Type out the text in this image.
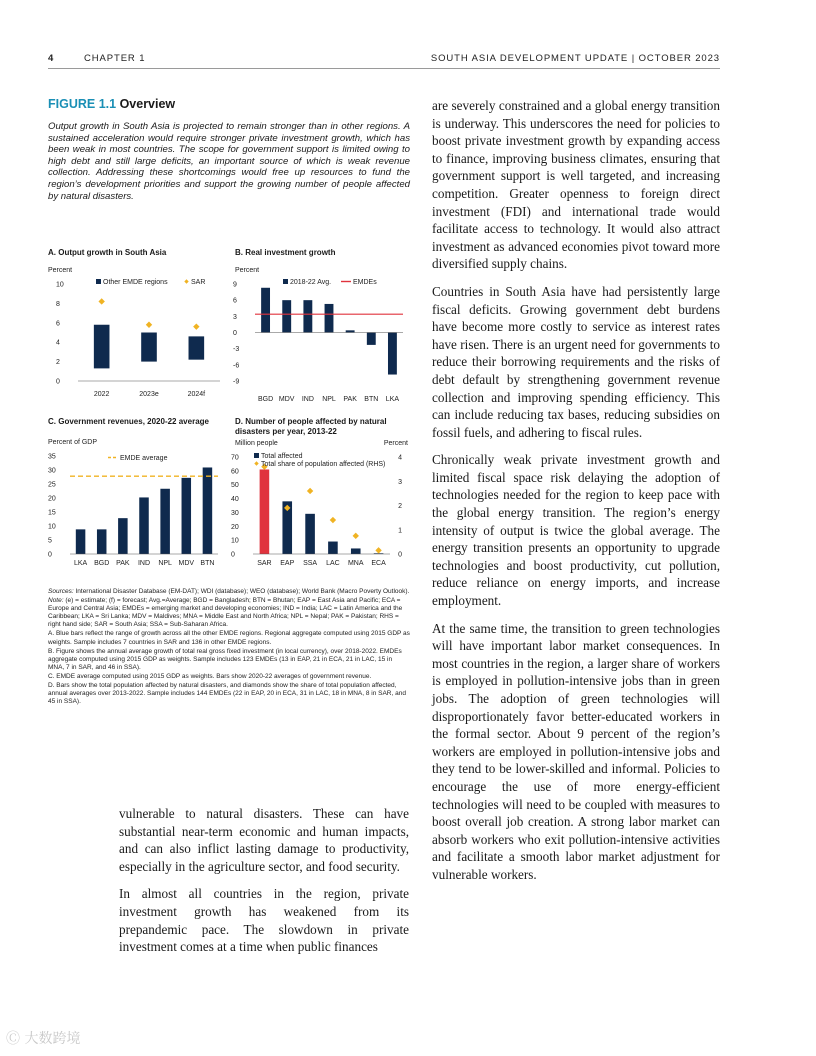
4	CHAPTER 1	SOUTH ASIA DEVELOPMENT UPDATE | OCTOBER 2023
FIGURE 1.1 Overview
Output growth in South Asia is projected to remain stronger than in other regions. A sustained acceleration would require stronger private investment growth, which has been weak in most countries. The scope for government support is limited owing to high debt and still large deficits, an important source of which is weak revenue collection. Addressing these shortcomings would free up resources to fund the region’s development priorities and support the growing number of people affected by natural disasters.
A. Output growth in South Asia	B. Real investment growth
C. Government revenues, 2020-22 average	D. Number of people affected by natural disasters per year, 2013-22
Percent
0
2
4
6
8
10
2022	2023e	2024f
Other EMDE regions	SAR
Percent
-9
-6
-3
0
3
6
9
BGD MDV IND NPL PAK BTN LKA
2018-22 Avg.	EMDEs
Percent of GDP
0
5
10
15
20
25
30
35
LKA BGD PAK IND NPL MDV BTN
EMDE average
Million people
0
10
20
30
40
50
60
70
Percent
0
1
2
3
4
SAR EAP SSA LAC MNA ECA
Total affected
Total share of population affected (RHS)

Sources: International Disaster Database (EM-DAT); WDI (database); WEO (database); World Bank (Macro Poverty Outlook).

Note: (e) = estimate; (f) = forecast; Avg.=Average; BGD = Bangladesh; BTN = Bhutan; EAP = East Asia and Pacific; ECA = Europe and Central Asia; EMDEs = emerging market and developing economies; IND = India; LAC = Latin America and the Caribbean; LKA = Sri Lanka; MDV = Maldives; MNA = Middle East and North Africa; NPL = Nepal; PAK = Pakistan; RHS = right hand side; SAR = South Asia; SSA = Sub-Saharan Africa.

A. Blue bars reflect the range of growth across all the other EMDE regions. Regional aggregate computed using 2015 GDP as weights. Sample includes 7 countries in SAR and 136 in other EMDE regions.

B. Figure shows the annual average growth of total real gross fixed investment (in local currency), over 2018-2022. EMDEs aggregate computed using 2015 GDP as weights. Sample includes 123 EMDEs (13 in EAP, 21 in ECA, 21 in LAC, 15 in MNA, 7 in SAR, and 46 in SSA).

C. EMDE average computed using 2015 GDP as weights. Bars show 2020-22 averages of government revenue.

D. Bars show the total population affected by natural disasters, and diamonds show the share of total population affected, annual averages over 2013-2022. Sample includes 144 EMDEs (22 in EAP, 20 in ECA, 31 in LAC, 18 in MNA, 8 in SAR, and 45 in SSA).

vulnerable to natural disasters. These can have substantial near-term economic and human impacts, and can also inflict lasting damage to productivity, especially in the agriculture sector, and food security.

In almost all countries in the region, private investment growth has weakened from its prepandemic pace. The slowdown in private investment comes at a time when public finances

are severely constrained and a global energy transition is underway. This underscores the need for policies to boost private investment growth by expanding access to finance, improving business climates, ensuring that government support is well targeted, and increasing competition. Greater openness to foreign direct investment (FDI) and international trade would facilitate access to technology. It would also attract investment as advanced economies pivot toward more diversified supply chains.

Countries in South Asia have had persistently large fiscal deficits. Growing government debt burdens have become more costly to service as interest rates have risen. There is an urgent need for governments to reduce their borrowing requirements and the risks of debt default by strengthening government revenue collection and improving spending efficiency. This can include reducing tax bases, reducing subsidies on fossil fuels, and adhering to fiscal rules.

Chronically weak private investment growth and limited fiscal space risk delaying the adoption of technologies needed for the region to keep pace with the global energy transition. The region’s energy intensity of output is twice the global average. The energy transition presents an opportunity to upgrade technologies and boost productivity, cut pollution, reduce reliance on energy imports, and increase employment.

At the same time, the transition to green technologies will have important labor market consequences. In most countries in the region, a larger share of workers is employed in pollution-intensive jobs than in green jobs. The adoption of green technologies will disproportionately favor better-educated workers in the formal sector. About 9 percent of the region’s workers are employed in pollution-intensive jobs and they tend to be lower-skilled and informal. Policies to encourage the use of more energy-efficient technologies will need to be coupled with measures to boost overall job creation. A strong labor market can absorb workers who exit pollution-intensive activities and facilitate a smooth labor market adjustment for vulnerable workers.

Ⓒ 大数跨境
